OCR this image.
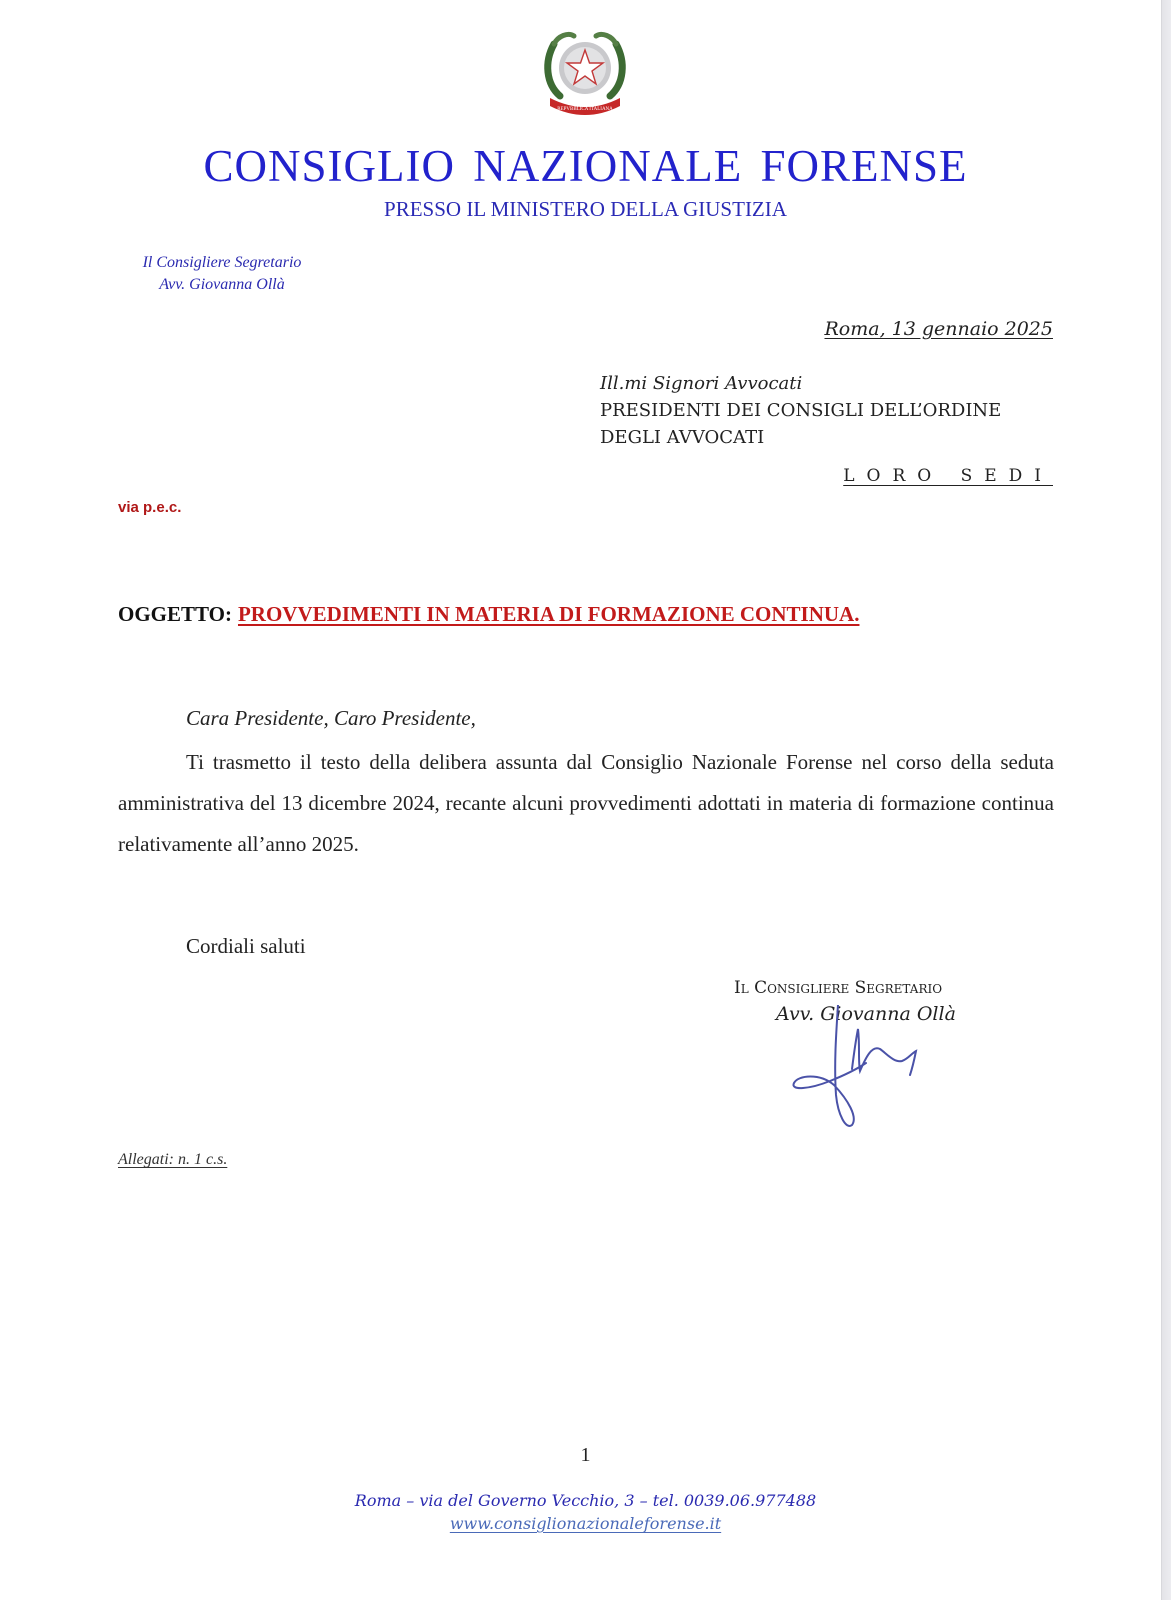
REPVBBLICA ITALIANA
CONSIGLIO NAZIONALE FORENSE
PRESSO IL MINISTERO DELLA GIUSTIZIA
Il Consigliere Segretario
Avv. Giovanna Ollà
Roma, 13 gennaio 2025
Ill.mi Signori Avvocati
PRESIDENTI DEI CONSIGLI DELL’ORDINE
DEGLI AVVOCATI
LORO SEDI
via p.e.c.
OGGETTO: PROVVEDIMENTI IN MATERIA DI FORMAZIONE CONTINUA.
Cara Presidente, Caro Presidente,

Ti trasmetto il testo della delibera assunta dal Consiglio Nazionale Forense nel corso della seduta amministrativa del 13 dicembre 2024, recante alcuni provvedimenti adottati in materia di formazione continua relativamente all’anno 2025.

Cordiali saluti
Il Consigliere Segretario
Avv. Giovanna Ollà
Allegati: n. 1 c.s.
1
Roma – via del Governo Vecchio, 3 – tel. 0039.06.977488
www.consiglionazionaleforense.it
